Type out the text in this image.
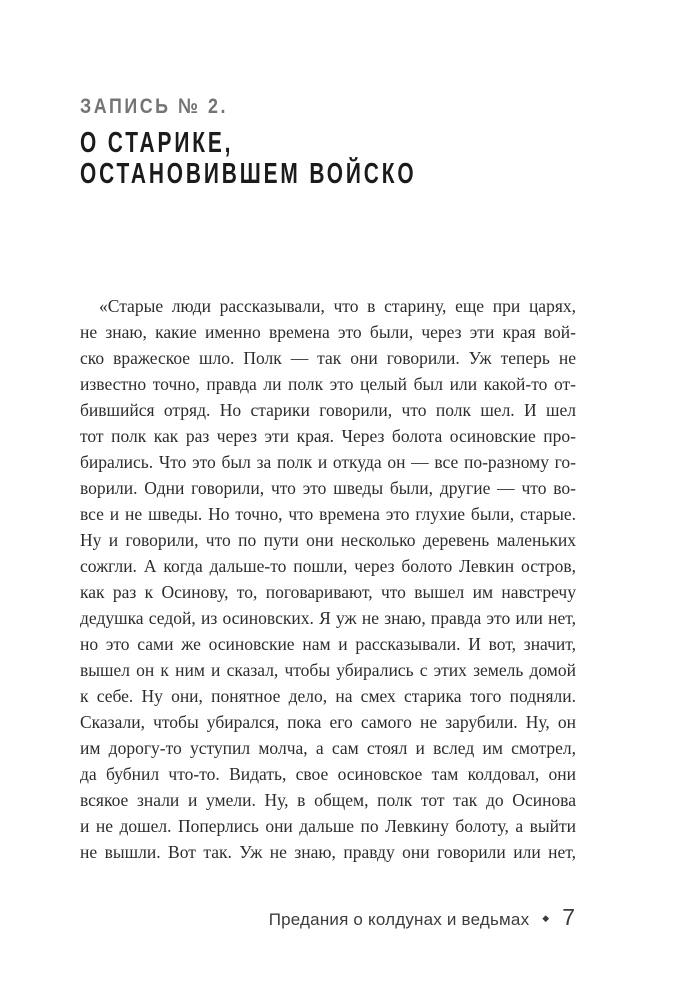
ЗАПИСЬ № 2.
О СТАРИКЕ,
ОСТАНОВИВШЕМ ВОЙСКО
«Старые люди рассказывали, что в старину, еще при царях,
не знаю, какие именно времена это были, через эти края вой-
ско вражеское шло. Полк — так они говорили. Уж теперь не
известно точно, правда ли полк это целый был или какой-то от-
бившийся отряд. Но старики говорили, что полк шел. И шел
тот полк как раз через эти края. Через болота осиновские про-
бирались. Что это был за полк и откуда он — все по-разному го-
ворили. Одни говорили, что это шведы были, другие — что во-
все и не шведы. Но точно, что времена это глухие были, старые.
Ну и говорили, что по пути они несколько деревень маленьких
сожгли. А когда дальше-то пошли, через болото Левкин остров,
как раз к Осинову, то, поговаривают, что вышел им навстречу
дедушка седой, из осиновских. Я уж не знаю, правда это или нет,
но это сами же осиновские нам и рассказывали. И вот, значит,
вышел он к ним и сказал, чтобы убирались с этих земель домой
к себе. Ну они, понятное дело, на смех старика того подняли.
Сказали, чтобы убирался, пока его самого не зарубили. Ну, он
им дорогу-то уступил молча, а сам стоял и вслед им смотрел,
да бубнил что-то. Видать, свое осиновское там колдовал, они
всякое знали и умели. Ну, в общем, полк тот так до Осинова
и не дошел. Поперлись они дальше по Левкину болоту, а выйти
не вышли. Вот так. Уж не знаю, правду они говорили или нет,
Предания о колдунах и ведьмах ◆ 7
